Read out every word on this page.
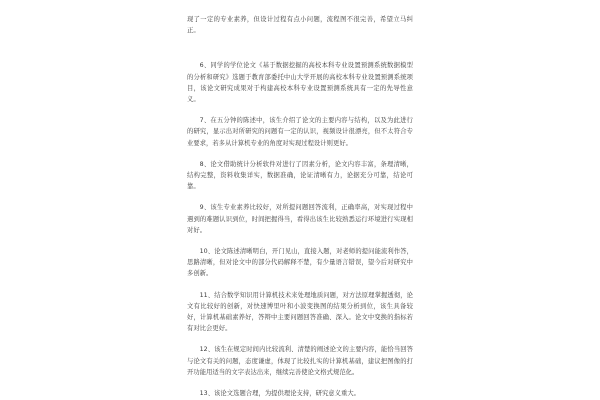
现了一定的专业素养，但设计过程有点小问题，流程图不很完善，希望立马纠正。

6、同学的学位论文《基于数据挖掘的高校本科专业设置预测系统数据模型的分析和研究》选题于教育部委托中山大学开展的高校本科专业设置预测系统项目，该论文研究成果对于构建高校本科专业设置预测系统具有一定的先导性意义。

7、在五分钟的陈述中，该生介绍了论文的主要内容与结构，以及为此进行的研究，显示出对所研究的问题有一定的认识，视频设计很漂亮，但不太符合专业要求，若多从计算机专业的角度对实现过程设计则更好。

8、论文借助统计分析软件对进行了因素分析，论文内容丰富，条理清晰，结构完整，资料收集详实，数据准确，论证清晰有力，论据充分可靠，结论可靠。

9、该生专业素养比较好，对所提问题回答流利，正确率高，对实现过程中遇到的难题认识到位，时间把握得当，看得出该生比较熟悉运行环境进行实现相对好。

10、论文陈述清晰明白，开门见山，直接入题，对老师的提问能流利作答，思路清晰，但对论文中的部分代码解释不楚，有少量语言错误，望今后对研究中多创新。

11、结合数学知识用计算机技术来处理地质问题，对方法原理掌握透彻，论文有比较好的创新，对快速博里叶和小波变换图的结果分析到位，该生具备较好，计算机基础素养好，答辩中主要问题回答准确、深入。论文中变换的指标若有对比会更好。

12、该生在规定时间内比较流利、清楚的阐述论文的主要内容，能恰当回答与论文有关的问题，态度谦虚，体现了比较扎实的计算机基础，建议把图像的打开功能用适当的文字表达出来，继续完善使论文格式规范化。

13、该论文选题合理，为提供理论支持，研究意义重大。
